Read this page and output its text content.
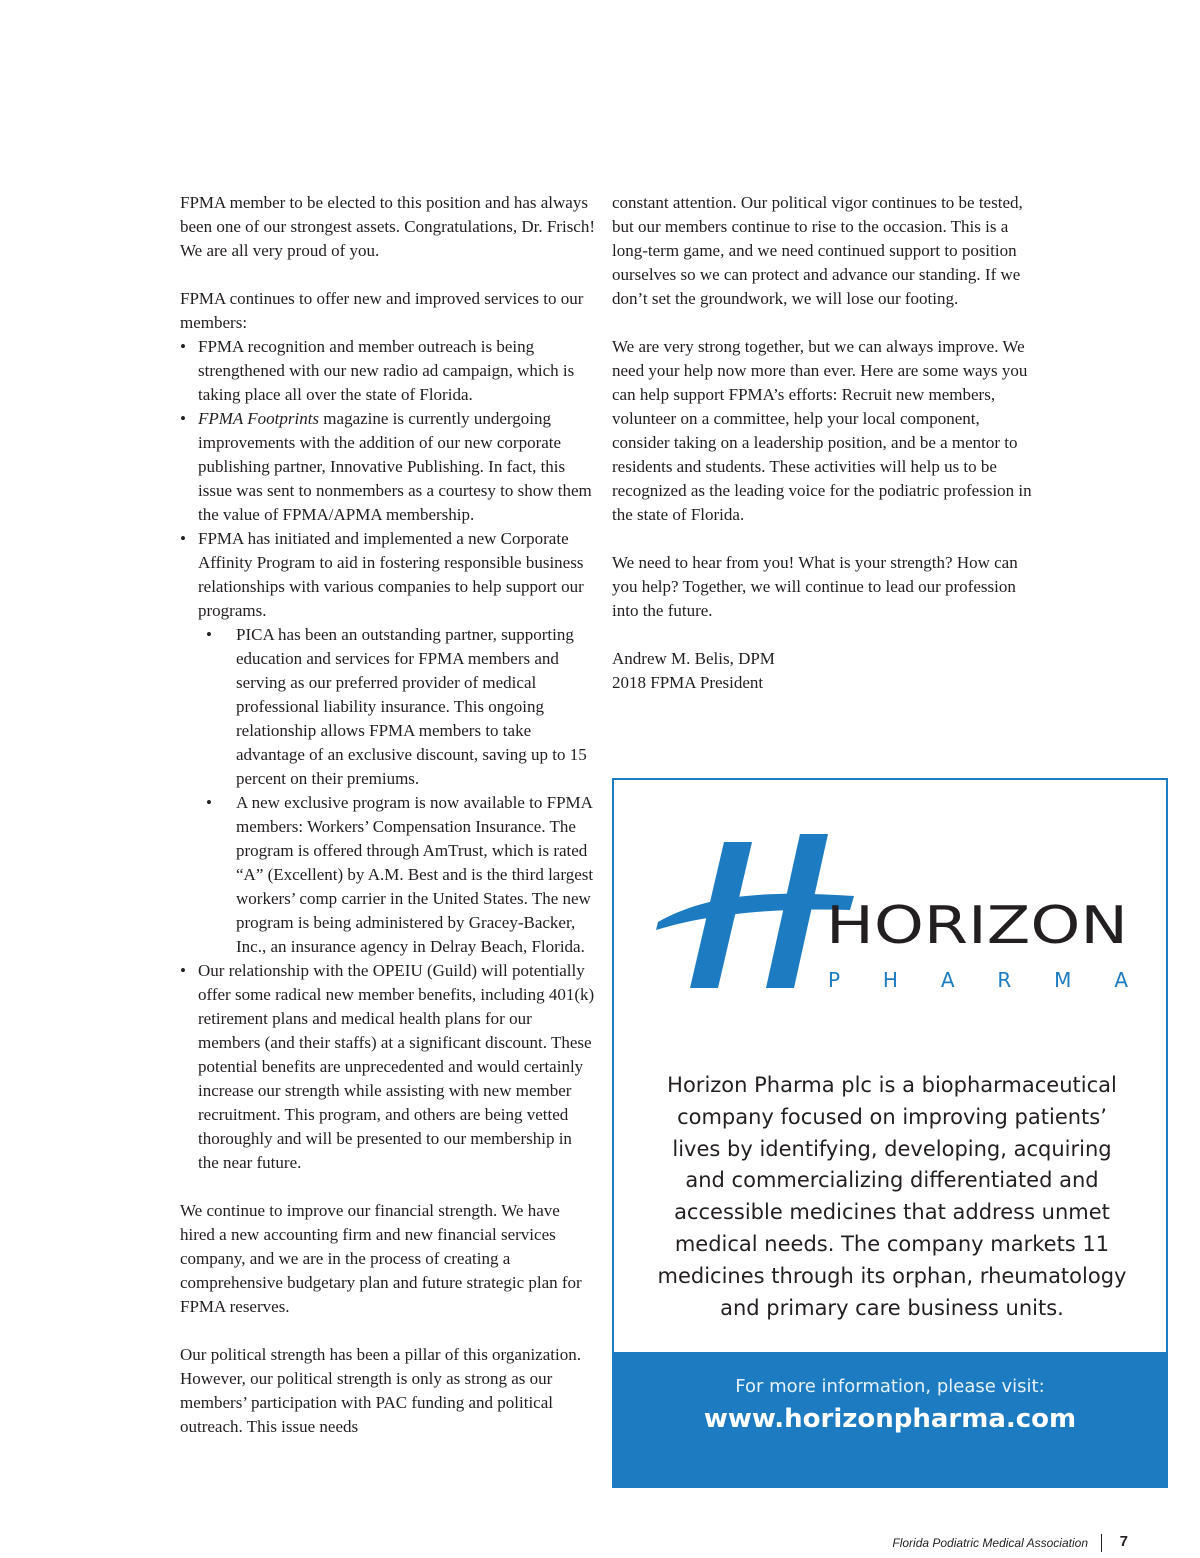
FPMA member to be elected to this position and has always been one of our strongest assets. Congratulations, Dr. Frisch! We are all very proud of you.

FPMA continues to offer new and improved services to our members:

• FPMA recognition and member outreach is being strengthened with our new radio ad campaign, which is taking place all over the state of Florida.
• FPMA Footprints magazine is currently undergoing improvements with the addition of our new corporate publishing partner, Innovative Publishing. In fact, this issue was sent to nonmembers as a courtesy to show them the value of FPMA/APMA membership.
• FPMA has initiated and implemented a new Corporate Affinity Program to aid in fostering responsible business relationships with various companies to help support our programs.
• PICA has been an outstanding partner, supporting education and services for FPMA members and serving as our preferred provider of medical professional liability insurance. This ongoing relationship allows FPMA members to take advantage of an exclusive discount, saving up to 15 percent on their premiums.
• A new exclusive program is now available to FPMA members: Workers’ Compensation Insurance. The program is offered through AmTrust, which is rated “A” (Excellent) by A.M. Best and is the third largest workers’ comp carrier in the United States. The new program is being administered by Gracey-Backer, Inc., an insurance agency in Delray Beach, Florida.
• Our relationship with the OPEIU (Guild) will potentially offer some radical new member benefits, including 401(k) retirement plans and medical health plans for our members (and their staffs) at a significant discount. These potential benefits are unprecedented and would certainly increase our strength while assisting with new member recruitment. This program, and others are being vetted thoroughly and will be presented to our membership in the near future.

We continue to improve our financial strength. We have hired a new accounting firm and new financial services company, and we are in the process of creating a comprehensive budgetary plan and future strategic plan for FPMA reserves.

Our political strength has been a pillar of this organization. However, our political strength is only as strong as our members’ participation with PAC funding and political outreach. This issue needs

constant attention. Our political vigor continues to be tested, but our members continue to rise to the occasion. This is a long-term game, and we need continued support to position ourselves so we can protect and advance our standing. If we don’t set the groundwork, we will lose our footing.

We are very strong together, but we can always improve. We need your help now more than ever. Here are some ways you can help support FPMA’s efforts: Recruit new members, volunteer on a committee, help your local component, consider taking on a leadership position, and be a mentor to residents and students. These activities will help us to be recognized as the leading voice for the podiatric profession in the state of Florida.

We need to hear from you! What is your strength? How can you help? Together, we will continue to lead our profession into the future.

Andrew M. Belis, DPM

2018 FPMA President

HORIZON
P H A R M A
Horizon Pharma plc is a biopharmaceutical company focused on improving patients’ lives by identifying, developing, acquiring and commercializing differentiated and accessible medicines that address unmet medical needs. The company markets 11 medicines through its orphan, rheumatology and primary care business units.
For more information, please visit:
www.horizonpharma.com
Florida Podiatric Medical Association 7
